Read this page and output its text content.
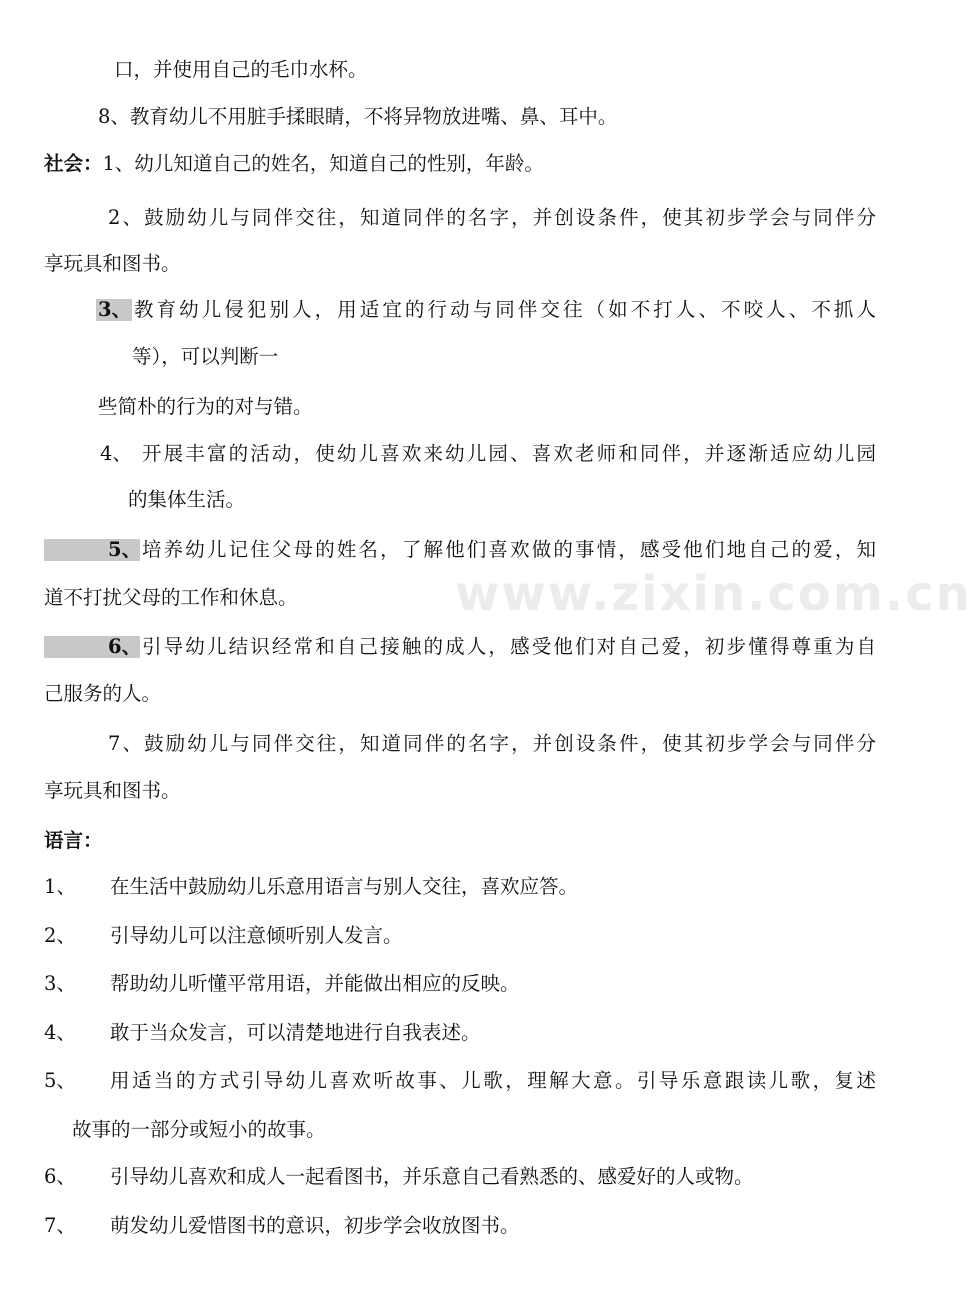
www.zixin.com.cn
口，并使用自己的毛巾水杯。
8、教育幼儿不用脏手揉眼睛，不将异物放进嘴、鼻、耳中。
社会：1、幼儿知道自己的姓名，知道自己的性别，年龄。
2、鼓励幼儿与同伴交往，知道同伴的名字，并创设条件，使其初步学会与同伴分
享玩具和图书。
3、 教育幼儿侵犯别人，用适宜的行动与同伴交往（如不打人、不咬人、不抓人
等），可以判断一
些简朴的行为的对与错。
4、 开展丰富的活动，使幼儿喜欢来幼儿园、喜欢老师和同伴，并逐渐适应幼儿园
的集体生活。
5、 培养幼儿记住父母的姓名，了解他们喜欢做的事情，感受他们地自己的爱，知
道不打扰父母的工作和休息。
6、 引导幼儿结识经常和自己接触的成人，感受他们对自己爱，初步懂得尊重为自
己服务的人。
7、鼓励幼儿与同伴交往，知道同伴的名字，并创设条件，使其初步学会与同伴分
享玩具和图书。
语言：
1、 在生活中鼓励幼儿乐意用语言与别人交往，喜欢应答。
2、 引导幼儿可以注意倾听别人发言。
3、 帮助幼儿听懂平常用语，并能做出相应的反映。
4、 敢于当众发言，可以清楚地进行自我表述。
5、 用适当的方式引导幼儿喜欢听故事、儿歌，理解大意。引导乐意跟读儿歌，复述
故事的一部分或短小的故事。
6、 引导幼儿喜欢和成人一起看图书，并乐意自己看熟悉的、感爱好的人或物。
7、 萌发幼儿爱惜图书的意识，初步学会收放图书。
